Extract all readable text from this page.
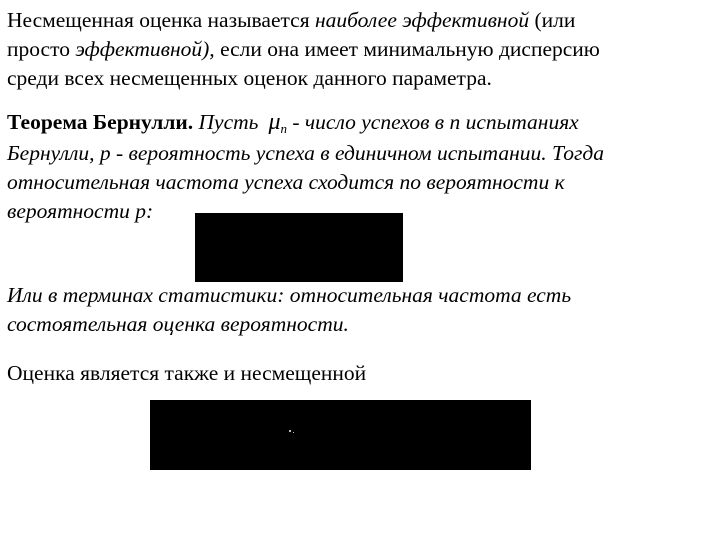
Несмещенная оценка называется наиболее эффективной (или
просто эффективной), если она имеет минимальную дисперсию
среди всех несмещенных оценок данного параметра.
Теорема Бернулли. Пусть $\mu_n$ - число успехов в n испытаниях
Бернулли, p - вероятность успеха в единичном испытании. Тогда
относительная частота успеха сходится по вероятности к
вероятности p:
Или в терминах статистики: относительная частота есть
состоятельная оценка вероятности.
Оценка является также и несмещенной
